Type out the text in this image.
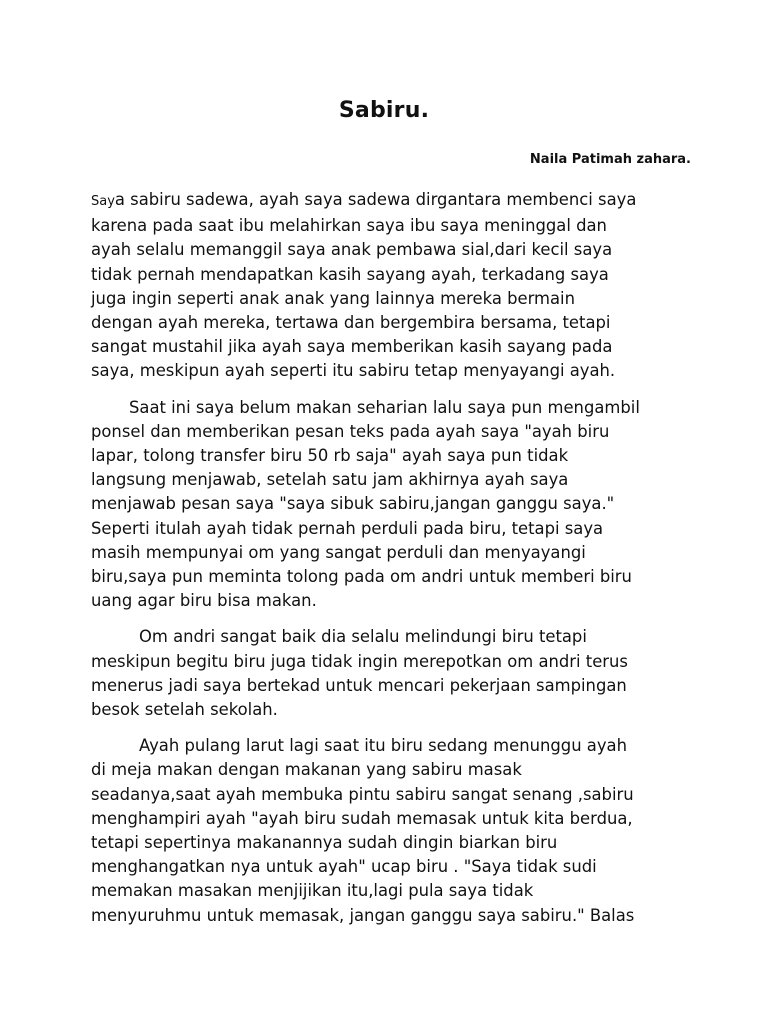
Sabiru.
Naila Patimah zahara.

Saya sabiru sadewa, ayah saya sadewa dirgantara membenci saya
karena pada saat ibu melahirkan saya ibu saya meninggal dan
ayah selalu memanggil saya anak pembawa sial,dari kecil saya
tidak pernah mendapatkan kasih sayang ayah, terkadang saya
juga ingin seperti anak anak yang lainnya mereka bermain
dengan ayah mereka, tertawa dan bergembira bersama, tetapi
sangat mustahil jika ayah saya memberikan kasih sayang pada
saya, meskipun ayah seperti itu sabiru tetap menyayangi ayah.

Saat ini saya belum makan seharian lalu saya pun mengambil
ponsel dan memberikan pesan teks pada ayah saya "ayah biru
lapar, tolong transfer biru 50 rb saja" ayah saya pun tidak
langsung menjawab, setelah satu jam akhirnya ayah saya
menjawab pesan saya "saya sibuk sabiru,jangan ganggu saya."
Seperti itulah ayah tidak pernah perduli pada biru, tetapi saya
masih mempunyai om yang sangat perduli dan menyayangi
biru,saya pun meminta tolong pada om andri untuk memberi biru
uang agar biru bisa makan.

Om andri sangat baik dia selalu melindungi biru tetapi
meskipun begitu biru juga tidak ingin merepotkan om andri terus
menerus jadi saya bertekad untuk mencari pekerjaan sampingan
besok setelah sekolah.

Ayah pulang larut lagi saat itu biru sedang menunggu ayah
di meja makan dengan makanan yang sabiru masak
seadanya,saat ayah membuka pintu sabiru sangat senang ,sabiru
menghampiri ayah "ayah biru sudah memasak untuk kita berdua,
tetapi sepertinya makanannya sudah dingin biarkan biru
menghangatkan nya untuk ayah" ucap biru . "Saya tidak sudi
memakan masakan menjijikan itu,lagi pula saya tidak
menyuruhmu untuk memasak, jangan ganggu saya sabiru." Balas
